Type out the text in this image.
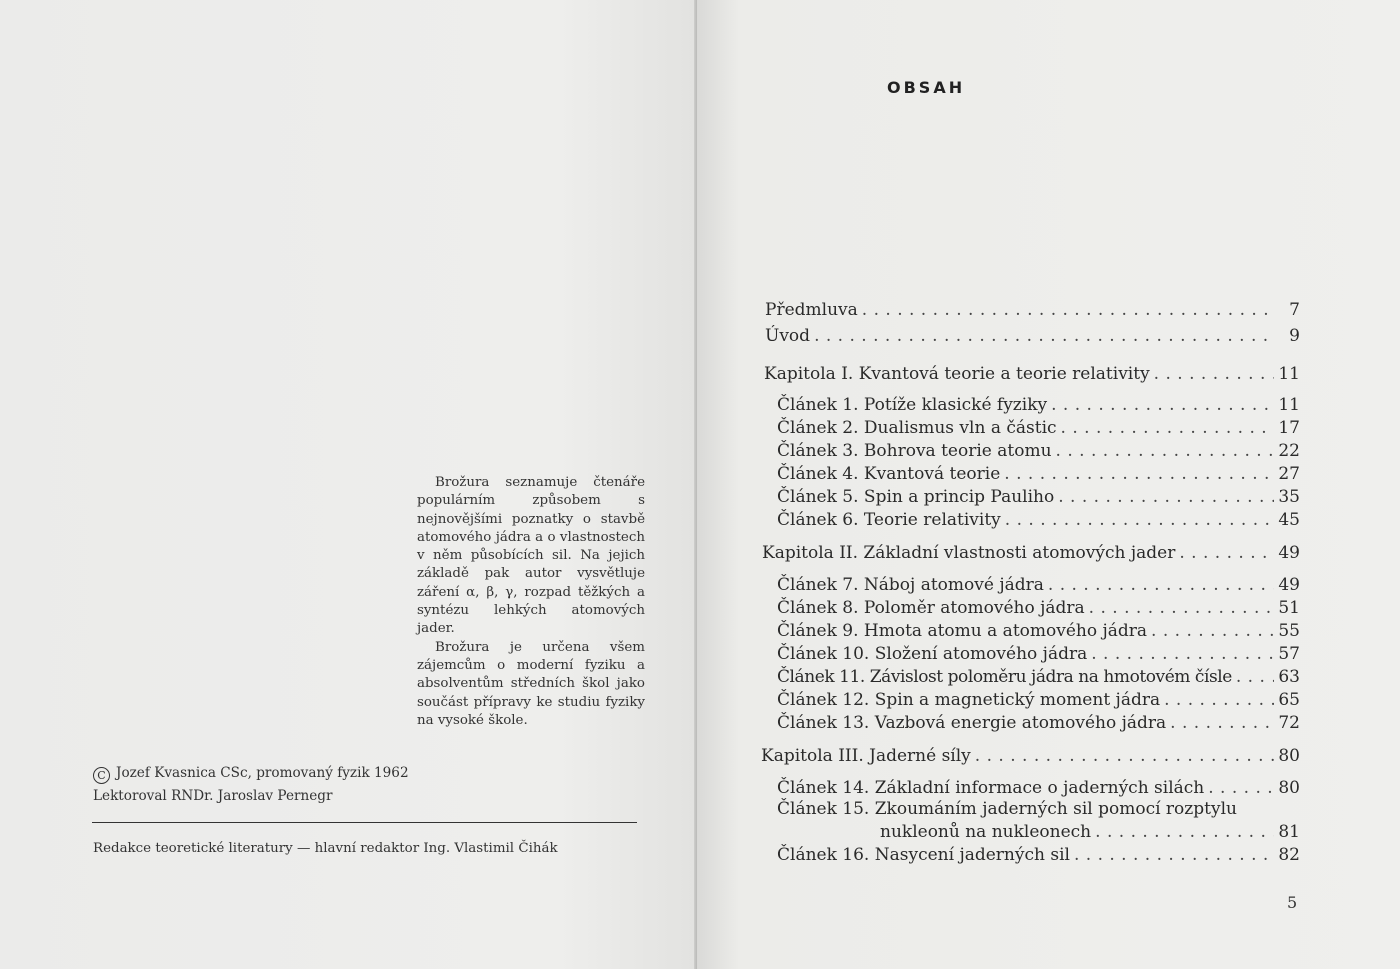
Brožura seznamuje čtenáře populárním způsobem s nejnovějšími poznatky o stavbě atomového jádra a o vlastnostech v něm působících sil. Na jejich základě pak autor vysvětluje záření α, β, γ, rozpad těžkých a syntézu lehkých atomových jader.

Brožura je určena všem zájemcům o moderní fyziku a absolventům středních škol jako součást přípravy ke studiu fyziky na vysoké škole.

C Jozef Kvasnica CSc, promovaný fyzik 1962
Lektoroval RNDr. Jaroslav Pernegr
Redakce teoretické literatury — hlavní redaktor Ing. Vlastimil Čihák
OBSAH
Předmluva . . .	7
Úvod . . .	9
Kapitola I. Kvantová teorie a teorie relativity . . .	11
Článek 1. Potíže klasické fyziky . . .	11
Článek 2. Dualismus vln a částic . . .	17
Článek 3. Bohrova teorie atomu . . .	22
Článek 4. Kvantová teorie . . .	27
Článek 5. Spin a princip Pauliho . . .	35
Článek 6. Teorie relativity . . .	45
Kapitola II. Základní vlastnosti atomových jader . . .	49
Článek 7. Náboj atomové jádra . . .	49
Článek 8. Poloměr atomového jádra . . .	51
Článek 9. Hmota atomu a atomového jádra . . .	55
Článek 10. Složení atomového jádra . . .	57
Článek 11. Závislost poloměru jádra na hmotovém čísle . . .	63
Článek 12. Spin a magnetický moment jádra . . .	65
Článek 13. Vazbová energie atomového jádra . . .	72
Kapitola III. Jaderné síly . . .	80
Článek 14. Základní informace o jaderných silách . . .	80
Článek 15. Zkoumáním jaderných sil pomocí rozptylu
nukleonů na nukleonech . . .	81
Článek 16. Nasycení jaderných sil . . .	82
5
